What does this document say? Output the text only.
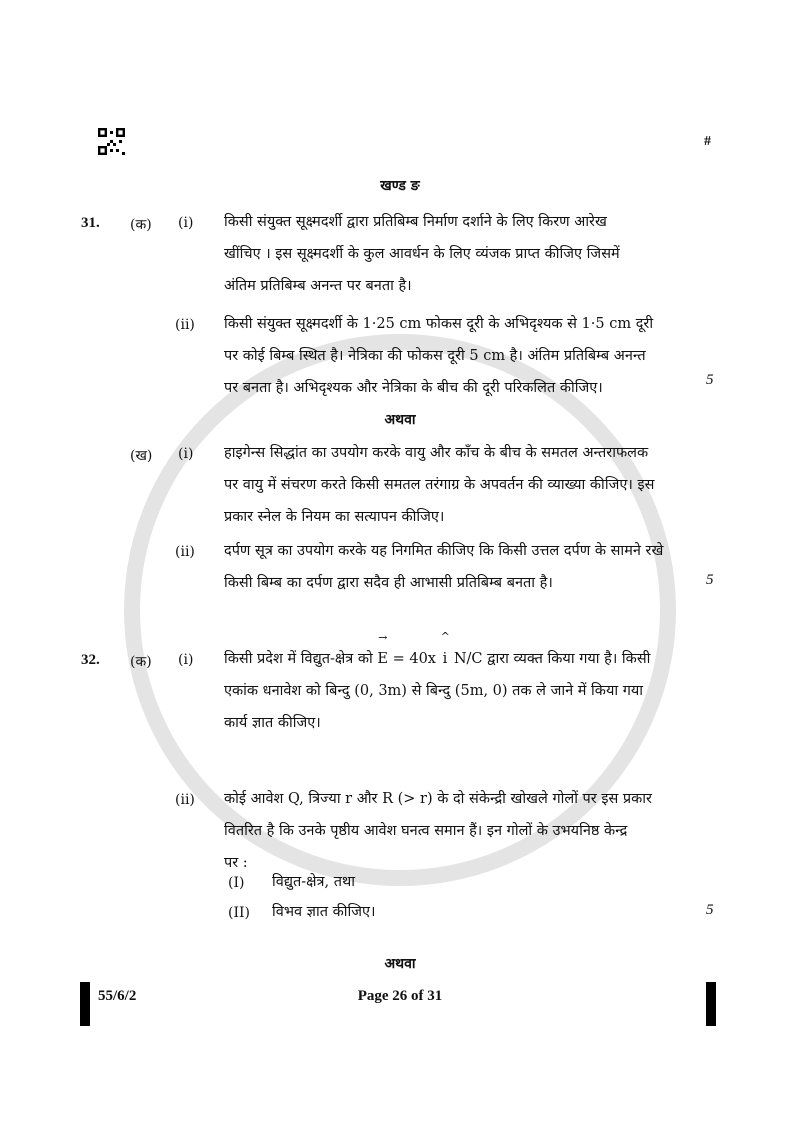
#
खण्ड ङ
31. (क) (i) किसी संयुक्त सूक्ष्मदर्शी द्वारा प्रतिबिम्ब निर्माण दर्शाने के लिए किरण आरेख
खींचिए । इस सूक्ष्मदर्शी के कुल आवर्धन के लिए व्यंजक प्राप्त कीजिए जिसमें
अंतिम प्रतिबिम्ब अनन्त पर बनता है।
(ii) किसी संयुक्त सूक्ष्मदर्शी के 1·25 cm फोकस दूरी के अभिदृश्यक से 1·5 cm दूरी
पर कोई बिम्ब स्थित है। नेत्रिका की फोकस दूरी 5 cm है। अंतिम प्रतिबिम्ब अनन्त
पर बनता है। अभिदृश्यक और नेत्रिका के बीच की दूरी परिकलित कीजिए।	5
अथवा
(ख) (i) हाइगेन्स सिद्धांत का उपयोग करके वायु और काँच के बीच के समतल अन्तराफलक
पर वायु में संचरण करते किसी समतल तरंगाग्र के अपवर्तन की व्याख्या कीजिए। इस
प्रकार स्नेल के नियम का सत्यापन कीजिए।
(ii) दर्पण सूत्र का उपयोग करके यह निगमित कीजिए कि किसी उत्तल दर्पण के सामने रखे
किसी बिम्ब का दर्पण द्वारा सदैव ही आभासी प्रतिबिम्ब बनता है।	5
32. (क) (i) किसी प्रदेश में विद्युत-क्षेत्र को
→
E = 40x
^
i N/C द्वारा व्यक्त किया गया है। किसी
एकांक धनावेश को बिन्दु (0, 3m) से बिन्दु (5m, 0) तक ले जाने में किया गया
कार्य ज्ञात कीजिए।
(ii) कोई आवेश Q, त्रिज्या r और R (> r) के दो संकेन्द्री खोखले गोलों पर इस प्रकार
वितरित है कि उनके पृष्ठीय आवेश घनत्व समान हैं। इन गोलों के उभयनिष्ठ केन्द्र
पर :
(I) विद्युत-क्षेत्र, तथा
(II) विभव ज्ञात कीजिए।	5
अथवा
55/6/2	Page 26 of 31
